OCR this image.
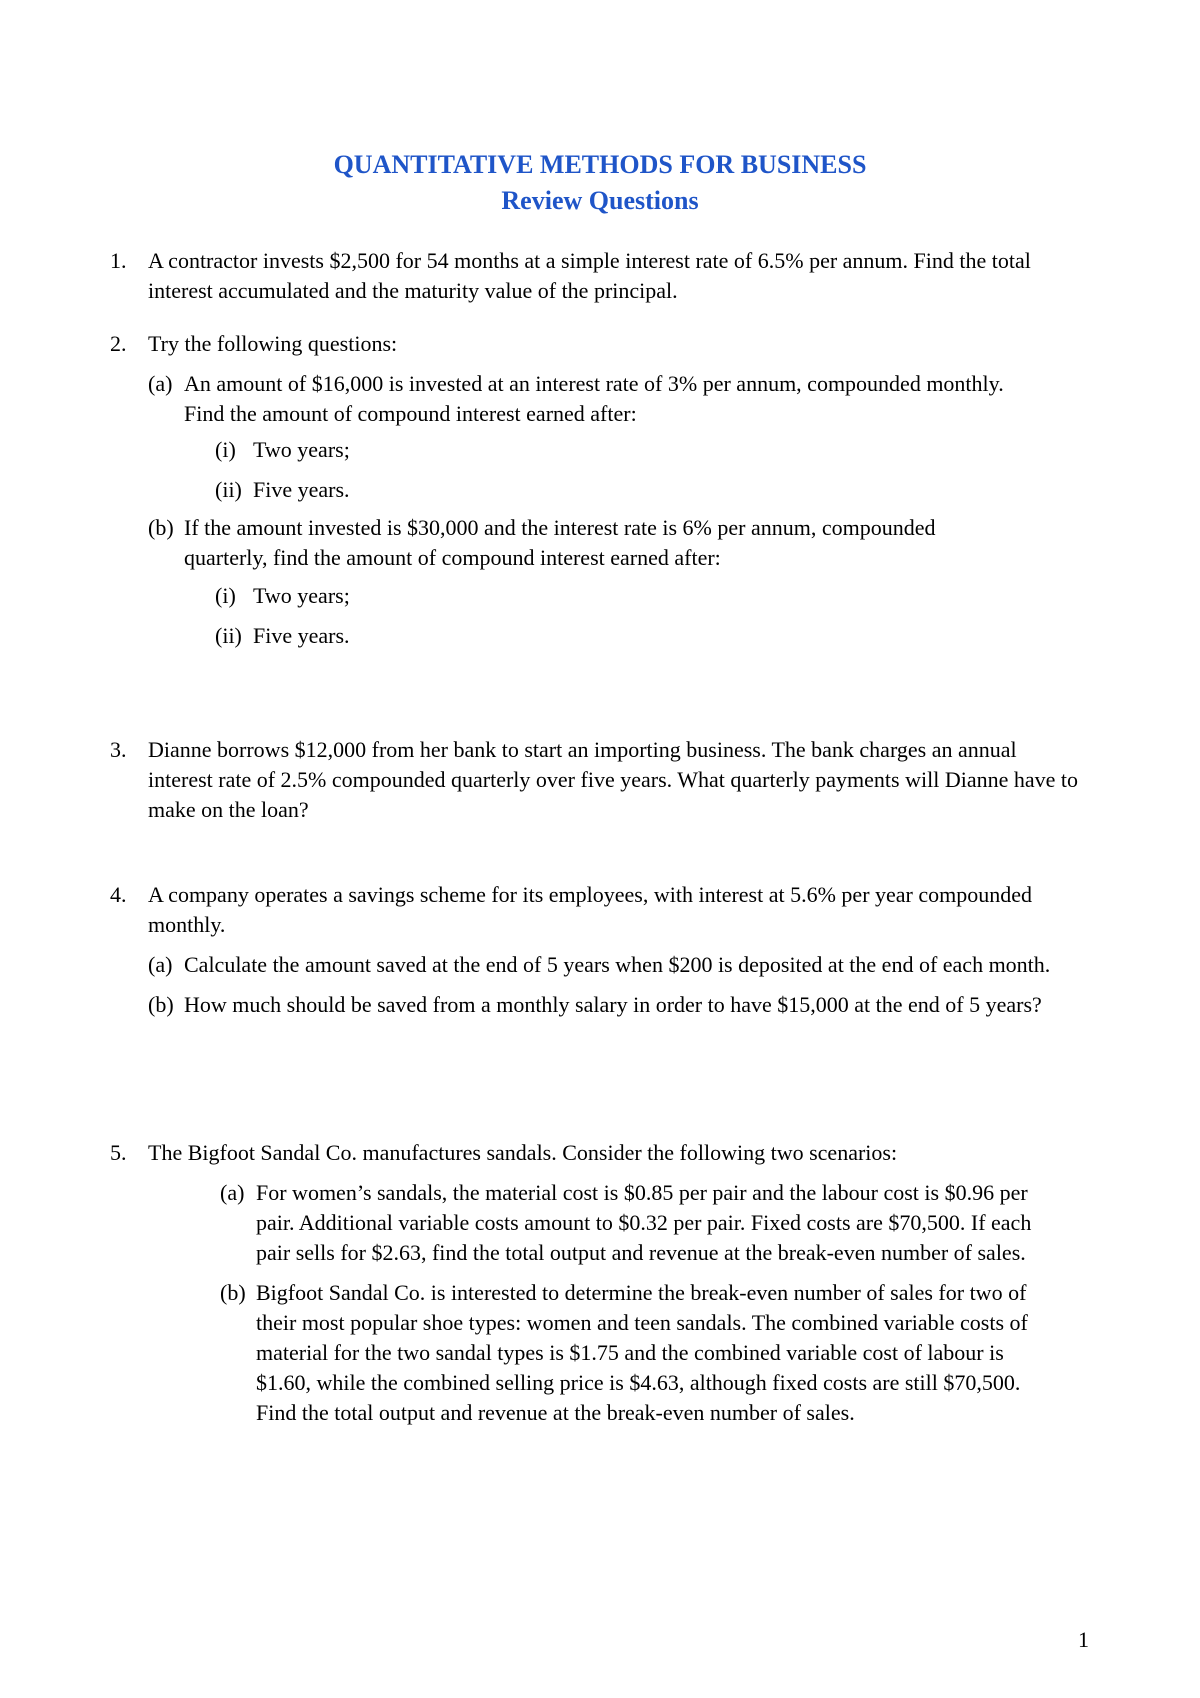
QUANTITATIVE METHODS FOR BUSINESS
Review Questions
1. A contractor invests $2,500 for 54 months at a simple interest rate of 6.5% per annum. Find the total interest accumulated and the maturity value of the principal.
2. Try the following questions:
(a) An amount of $16,000 is invested at an interest rate of 3% per annum, compounded monthly. Find the amount of compound interest earned after:
(i) Two years;
(ii) Five years.
(b) If the amount invested is $30,000 and the interest rate is 6% per annum, compounded quarterly, find the amount of compound interest earned after:
(i) Two years;
(ii) Five years.
3. Dianne borrows $12,000 from her bank to start an importing business. The bank charges an annual interest rate of 2.5% compounded quarterly over five years. What quarterly payments will Dianne have to make on the loan?
4. A company operates a savings scheme for its employees, with interest at 5.6% per year compounded monthly.
(a) Calculate the amount saved at the end of 5 years when $200 is deposited at the end of each month.
(b) How much should be saved from a monthly salary in order to have $15,000 at the end of 5 years?
5. The Bigfoot Sandal Co. manufactures sandals. Consider the following two scenarios:
(a) For women’s sandals, the material cost is $0.85 per pair and the labour cost is $0.96 per pair. Additional variable costs amount to $0.32 per pair. Fixed costs are $70,500. If each pair sells for $2.63, find the total output and revenue at the break-even number of sales.
(b) Bigfoot Sandal Co. is interested to determine the break-even number of sales for two of their most popular shoe types: women and teen sandals. The combined variable costs of material for the two sandal types is $1.75 and the combined variable cost of labour is $1.60, while the combined selling price is $4.63, although fixed costs are still $70,500. Find the total output and revenue at the break-even number of sales.
1
